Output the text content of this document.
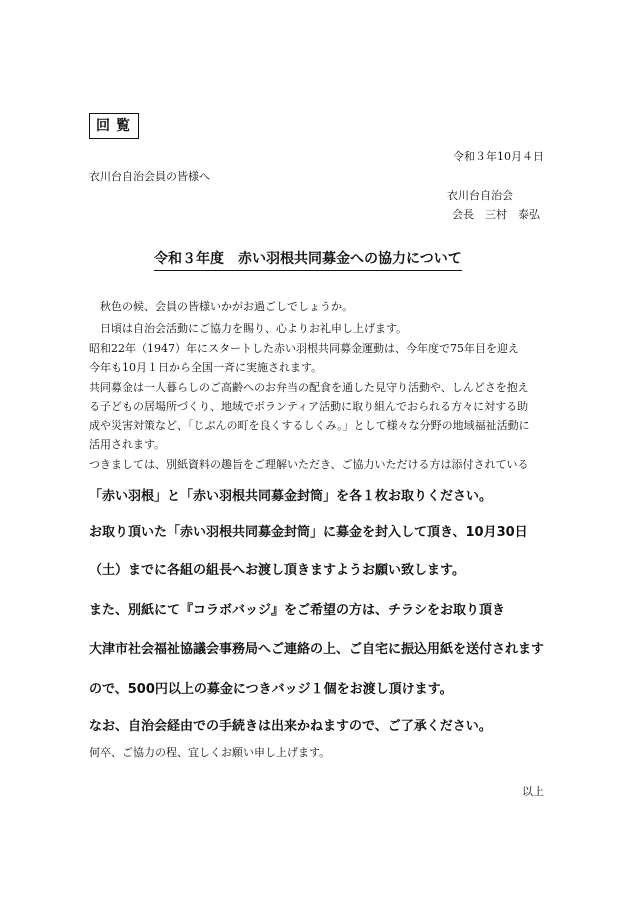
回覧
令和３年10月４日
衣川台自治会員の皆様へ
衣川台自治会
会長　三村　泰弘
令和３年度　赤い羽根共同募金への協力について
秋色の候、会員の皆様いかがお過ごしでしょうか。
日頃は自治会活動にご協力を賜り、心よりお礼申し上げます。
昭和22年（1947）年にスタートした赤い羽根共同募金運動は、今年度で75年目を迎え
今年も10月１日から全国一斉に実施されます。
共同募金は一人暮らしのご高齢へのお弁当の配食を通した見守り活動や、しんどさを抱え
る子どもの居場所づくり、地域でボランティア活動に取り組んでおられる方々に対する助
成や災害対策など、「じぶんの町を良くするしくみ。」として様々な分野の地域福祉活動に
活用されます。
つきましては、別紙資料の趣旨をご理解いただき、ご協力いただける方は添付されている
「赤い羽根」と「赤い羽根共同募金封筒」を各１枚お取りください。
お取り頂いた「赤い羽根共同募金封筒」に募金を封入して頂き、10月30日
（土）までに各組の組長へお渡し頂きますようお願い致します。
また、別紙にて『コラボバッジ』をご希望の方は、チラシをお取り頂き
大津市社会福祉協議会事務局へご連絡の上、ご自宅に振込用紙を送付されます
ので、500円以上の募金につきバッジ１個をお渡し頂けます。
なお、自治会経由での手続きは出来かねますので、ご了承ください。
何卒、ご協力の程、宜しくお願い申し上げます。
以上
